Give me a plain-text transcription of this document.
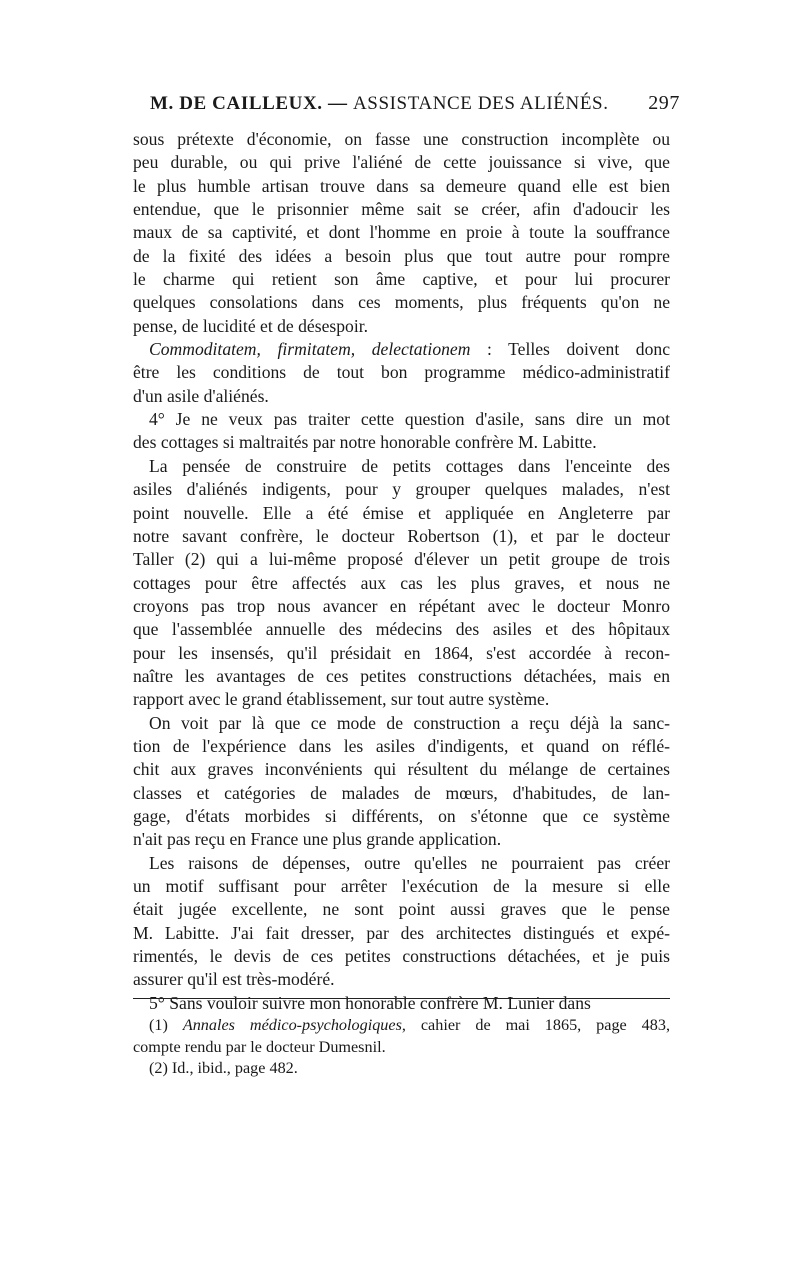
M. DE CAILLEUX. — ASSISTANCE DES ALIÉNÉS. 297
sous prétexte d'économie, on fasse une construction incomplète ou
peu durable, ou qui prive l'aliéné de cette jouissance si vive, que
le plus humble artisan trouve dans sa demeure quand elle est bien
entendue, que le prisonnier même sait se créer, afin d'adoucir les
maux de sa captivité, et dont l'homme en proie à toute la souffrance
de la fixité des idées a besoin plus que tout autre pour rompre
le charme qui retient son âme captive, et pour lui procurer
quelques consolations dans ces moments, plus fréquents qu'on ne
pense, de lucidité et de désespoir.
Commoditatem, firmitatem, delectationem : Telles doivent donc
être les conditions de tout bon programme médico-administratif
d'un asile d'aliénés.
4° Je ne veux pas traiter cette question d'asile, sans dire un mot
des cottages si maltraités par notre honorable confrère M. Labitte.
La pensée de construire de petits cottages dans l'enceinte des
asiles d'aliénés indigents, pour y grouper quelques malades, n'est
point nouvelle. Elle a été émise et appliquée en Angleterre par
notre savant confrère, le docteur Robertson (1), et par le docteur
Taller (2) qui a lui-même proposé d'élever un petit groupe de trois
cottages pour être affectés aux cas les plus graves, et nous ne
croyons pas trop nous avancer en répétant avec le docteur Monro
que l'assemblée annuelle des médecins des asiles et des hôpitaux
pour les insensés, qu'il présidait en 1864, s'est accordée à recon-
naître les avantages de ces petites constructions détachées, mais en
rapport avec le grand établissement, sur tout autre système.
On voit par là que ce mode de construction a reçu déjà la sanc-
tion de l'expérience dans les asiles d'indigents, et quand on réflé-
chit aux graves inconvénients qui résultent du mélange de certaines
classes et catégories de malades de mœurs, d'habitudes, de lan-
gage, d'états morbides si différents, on s'étonne que ce système
n'ait pas reçu en France une plus grande application.
Les raisons de dépenses, outre qu'elles ne pourraient pas créer
un motif suffisant pour arrêter l'exécution de la mesure si elle
était jugée excellente, ne sont point aussi graves que le pense
M. Labitte. J'ai fait dresser, par des architectes distingués et expé-
rimentés, le devis de ces petites constructions détachées, et je puis
assurer qu'il est très-modéré.
5° Sans vouloir suivre mon honorable confrère M. Lunier dans
(1) Annales médico-psychologiques, cahier de mai 1865, page 483,
compte rendu par le docteur Dumesnil.
(2) Id., ibid., page 482.
